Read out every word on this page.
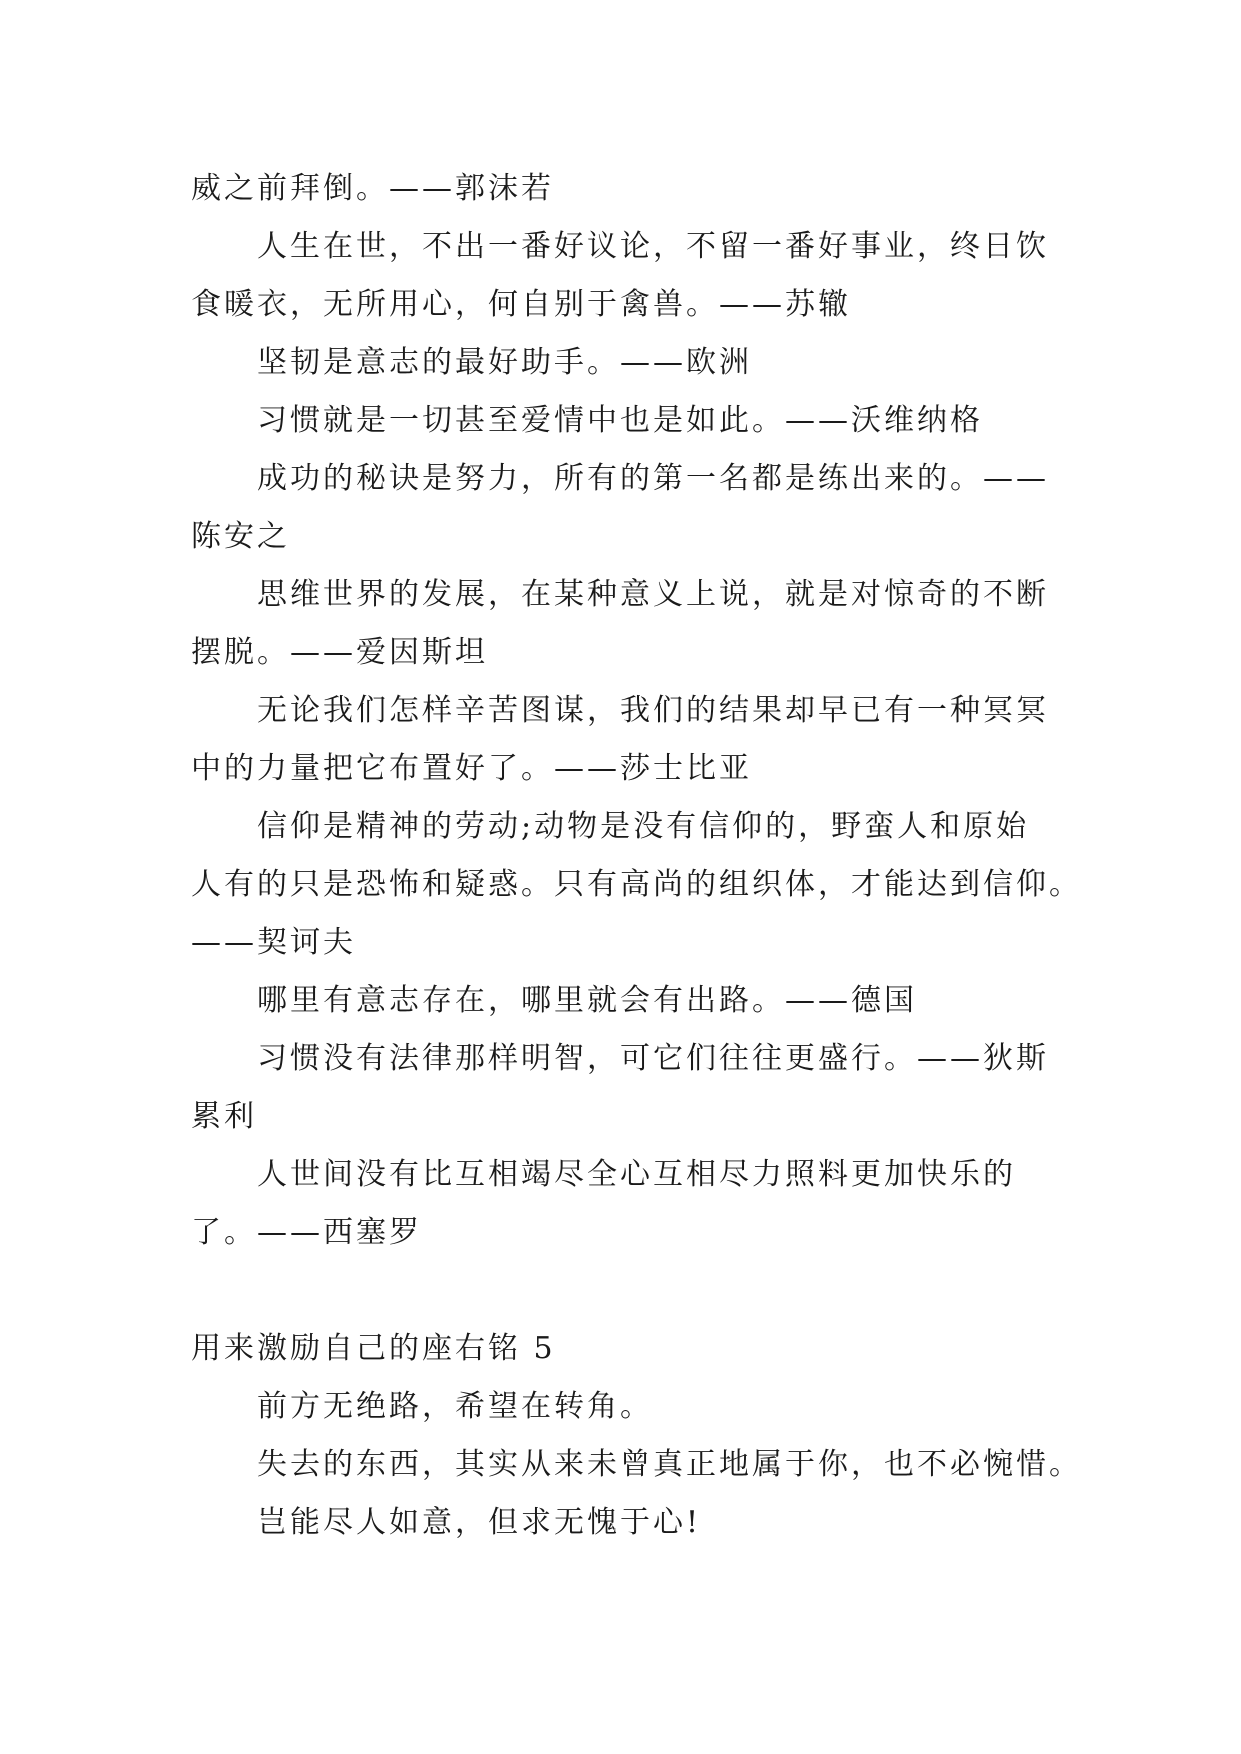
威之前拜倒。——郭沫若

人生在世，不出一番好议论，不留一番好事业，终日饮

食暖衣，无所用心，何自别于禽兽。——苏辙

坚韧是意志的最好助手。——欧洲

习惯就是一切甚至爱情中也是如此。——沃维纳格

成功的秘诀是努力，所有的第一名都是练出来的。——

陈安之

思维世界的发展，在某种意义上说，就是对惊奇的不断

摆脱。——爱因斯坦

无论我们怎样辛苦图谋，我们的结果却早已有一种冥冥

中的力量把它布置好了。——莎士比亚

信仰是精神的劳动;动物是没有信仰的，野蛮人和原始

人有的只是恐怖和疑惑。只有高尚的组织体，才能达到信仰。

——契诃夫

哪里有意志存在，哪里就会有出路。——德国

习惯没有法律那样明智，可它们往往更盛行。——狄斯

累利

人世间没有比互相竭尽全心互相尽力照料更加快乐的

了。——西塞罗

用来激励自己的座右铭 5

前方无绝路，希望在转角。

失去的东西，其实从来未曾真正地属于你，也不必惋惜。

岂能尽人如意，但求无愧于心!
